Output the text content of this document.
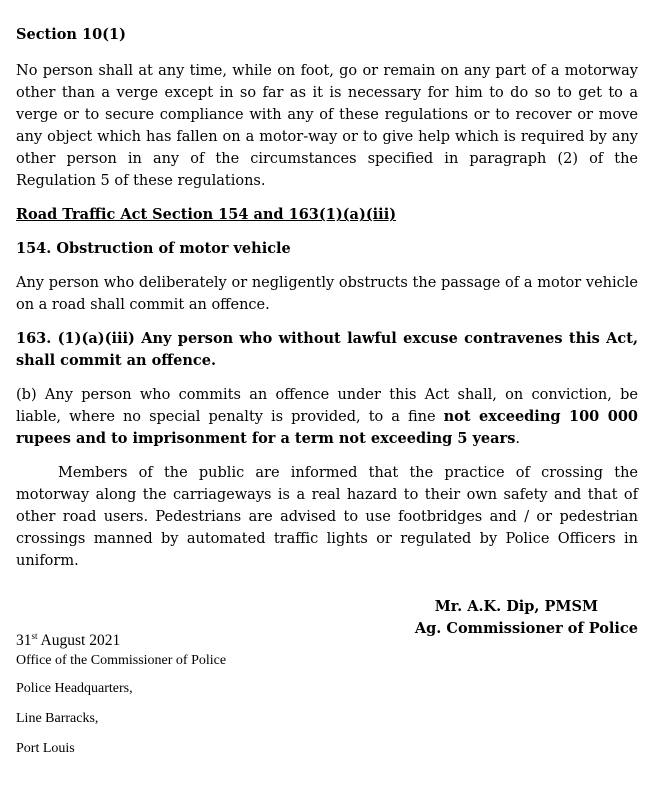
Section 10(1)

No person shall at any time, while on foot, go or remain on any part of a motorway other than a verge except in so far as it is necessary for him to do so to get to a verge or to secure compliance with any of these regulations or to recover or move any object which has fallen on a motor-way or to give help which is required by any other person in any of the circumstances specified in paragraph (2) of the Regulation 5 of these regulations.

Road Traffic Act Section 154 and 163(1)(a)(iii)

154. Obstruction of motor vehicle

Any person who deliberately or negligently obstructs the passage of a motor vehicle on a road shall commit an offence.

163. (1)(a)(iii) Any person who without lawful excuse contravenes this Act, shall commit an offence.

(b) Any person who commits an offence under this Act shall, on conviction, be liable, where no special penalty is provided, to a fine not exceeding 100 000 rupees and to imprisonment for a term not exceeding 5 years.

Members of the public are informed that the practice of crossing the motorway along the carriageways is a real hazard to their own safety and that of other road users. Pedestrians are advised to use footbridges and / or pedestrian crossings manned by automated traffic lights or regulated by Police Officers in uniform.

Mr. A.K. Dip, PMSM
Ag. Commissioner of Police
31st August 2021
Office of the Commissioner of Police
Police Headquarters,
Line Barracks,
Port Louis
